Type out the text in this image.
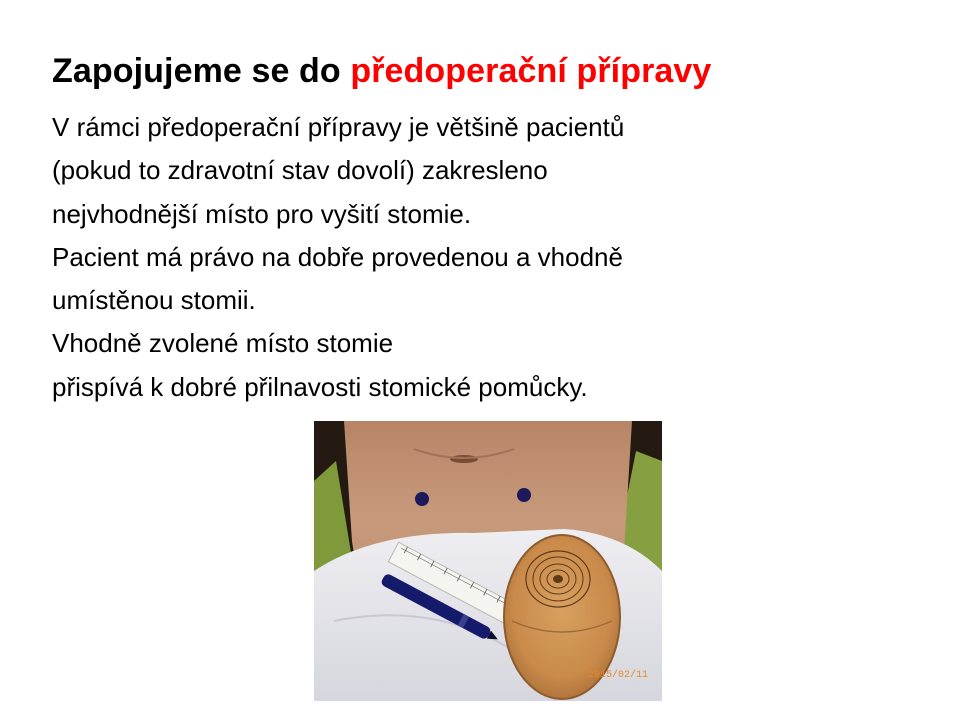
Zapojujeme se do předoperační přípravy
V rámci předoperační přípravy je většině pacientů
(pokud to zdravotní stav dovolí) zakresleno
nejvhodnější místo pro vyšití stomie.
Pacient má právo na dobře provedenou a vhodně
umístěnou stomii.
Vhodně zvolené místo stomie
přispívá k dobré přilnavosti stomické pomůcky.
2015/02/11
